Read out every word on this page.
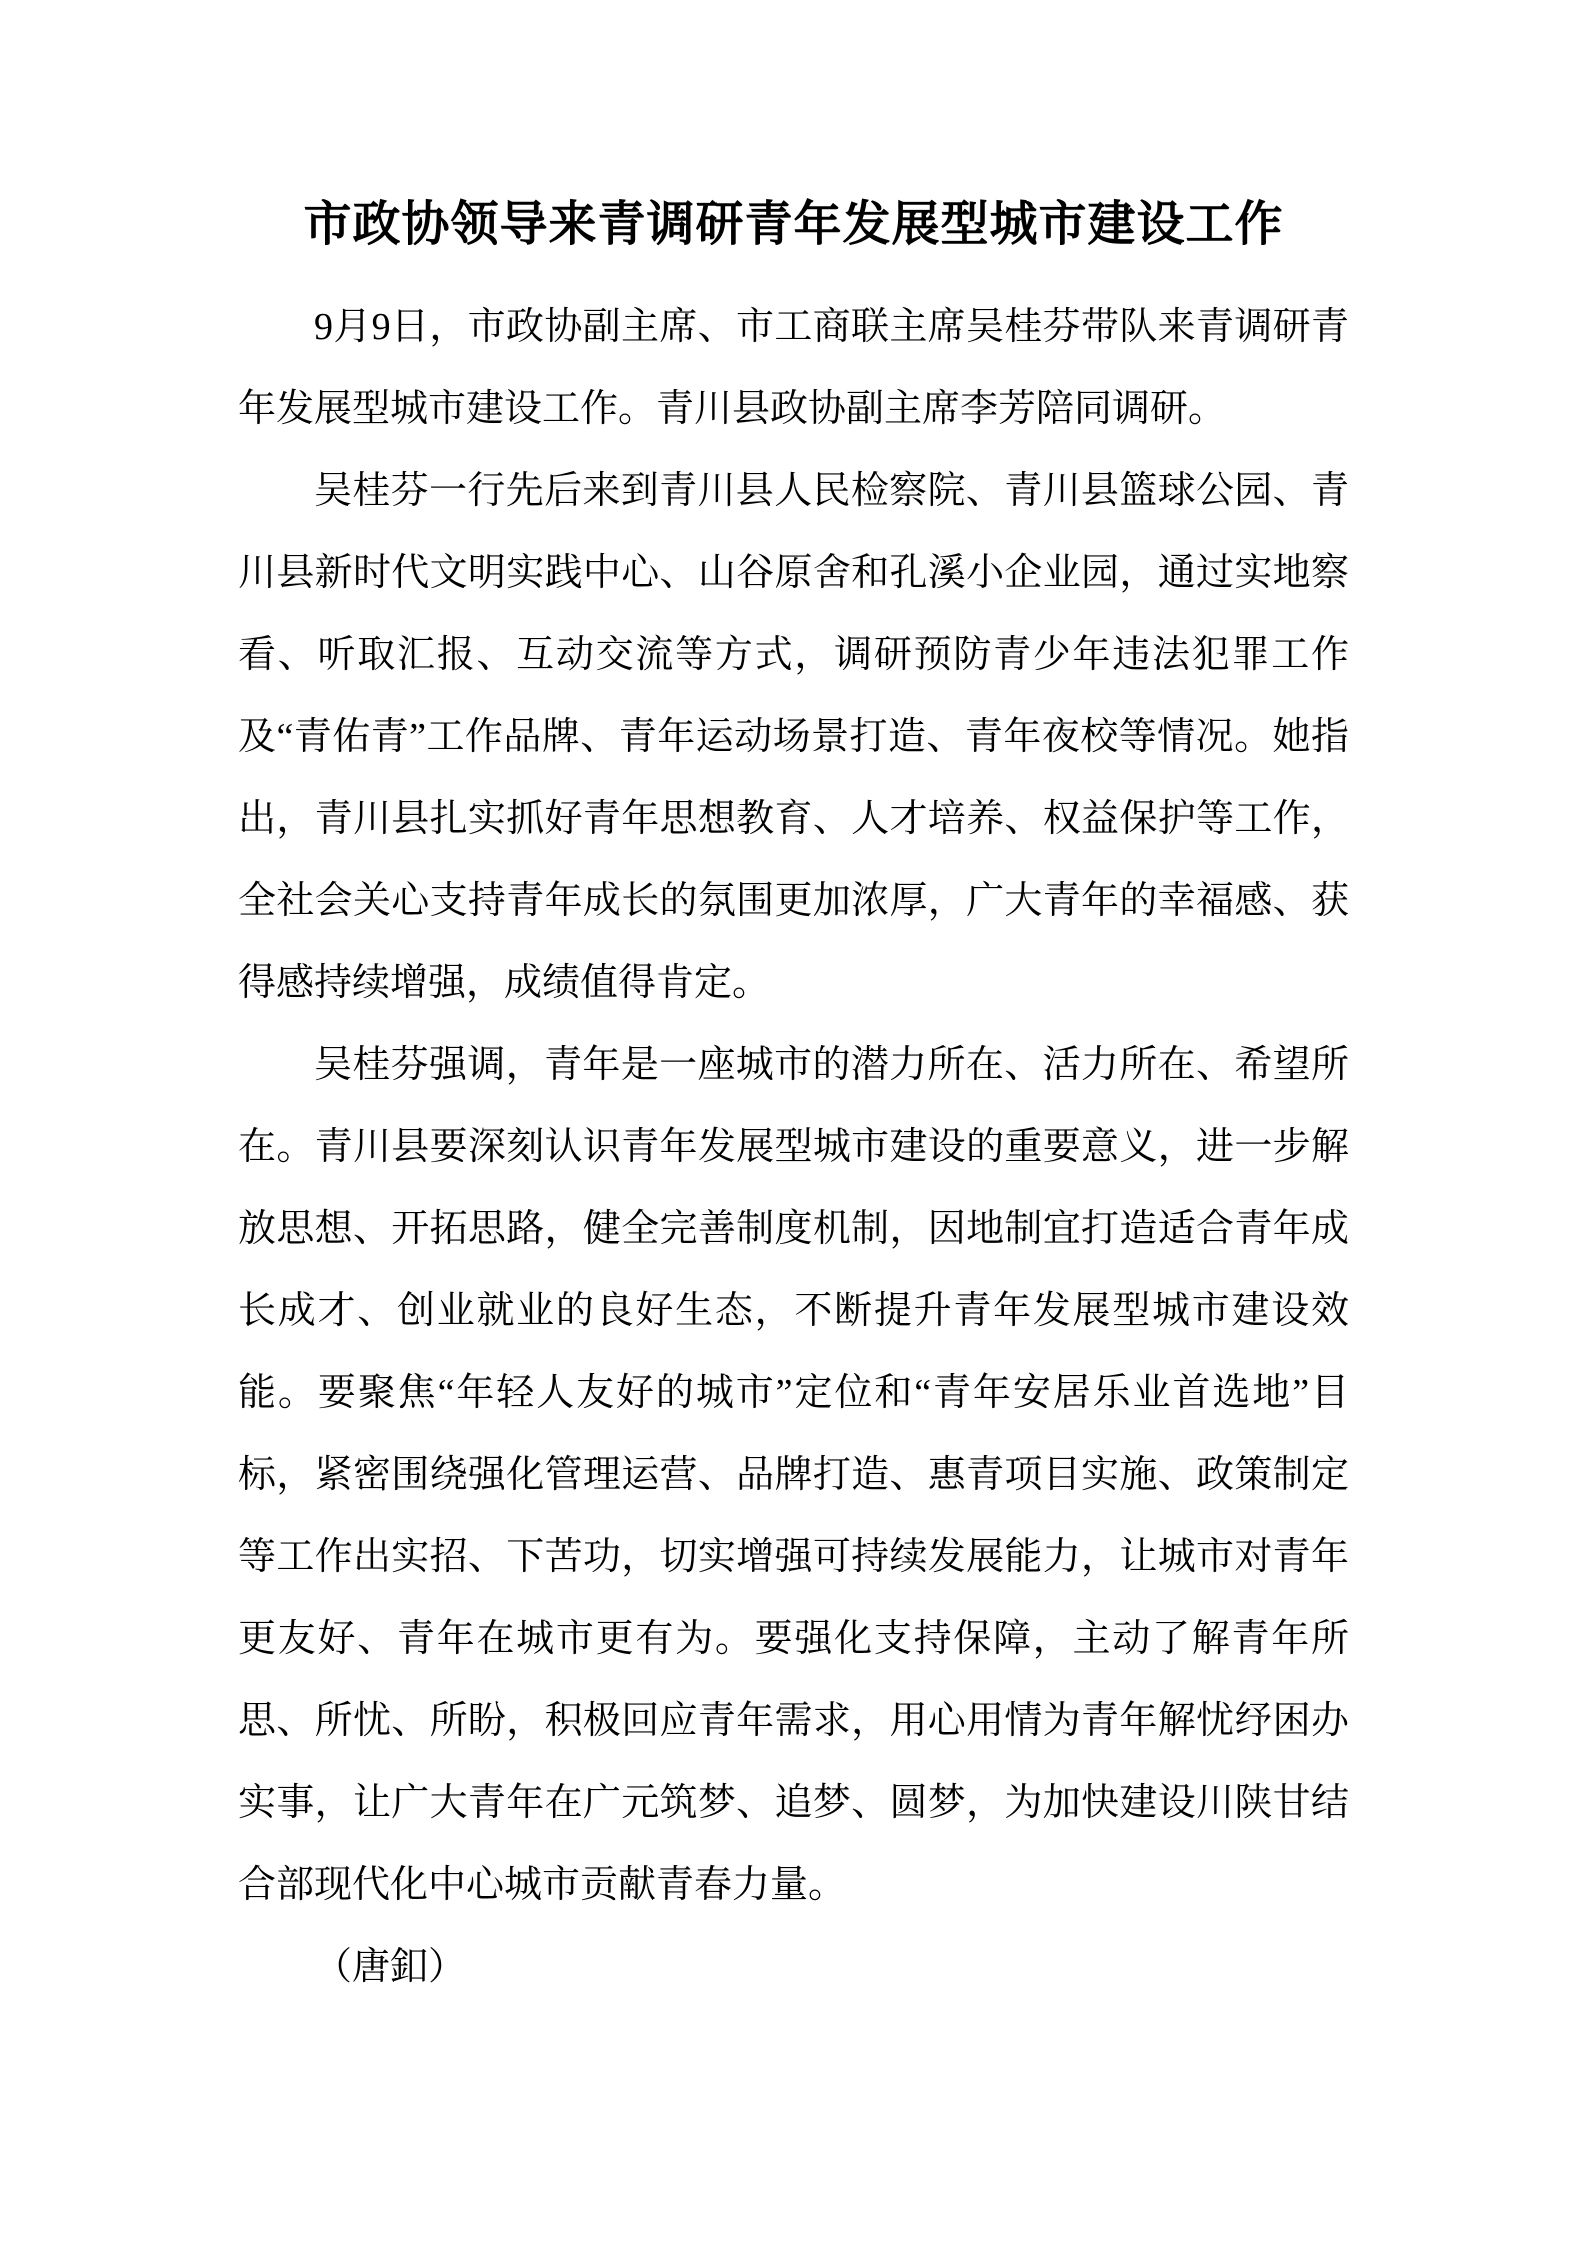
市政协领导来青调研青年发展型城市建设工作

9月9日，市政协副主席、市工商联主席吴桂芬带队来青调研青年发展型城市建设工作。青川县政协副主席李芳陪同调研。

吴桂芬一行先后来到青川县人民检察院、青川县篮球公园、青川县新时代文明实践中心、山谷原舍和孔溪小企业园，通过实地察看、听取汇报、互动交流等方式，调研预防青少年违法犯罪工作及“青佑青”工作品牌、青年运动场景打造、青年夜校等情况。她指出，青川县扎实抓好青年思想教育、人才培养、权益保护等工作，全社会关心支持青年成长的氛围更加浓厚，广大青年的幸福感、获得感持续增强，成绩值得肯定。

吴桂芬强调，青年是一座城市的潜力所在、活力所在、希望所在。青川县要深刻认识青年发展型城市建设的重要意义，进一步解放思想、开拓思路，健全完善制度机制，因地制宜打造适合青年成长成才、创业就业的良好生态，不断提升青年发展型城市建设效能。要聚焦“年轻人友好的城市”定位和“青年安居乐业首选地”目标，紧密围绕强化管理运营、品牌打造、惠青项目实施、政策制定等工作出实招、下苦功，切实增强可持续发展能力，让城市对青年更友好、青年在城市更有为。要强化支持保障，主动了解青年所思、所忧、所盼，积极回应青年需求，用心用情为青年解忧纾困办实事，让广大青年在广元筑梦、追梦、圆梦，为加快建设川陕甘结合部现代化中心城市贡献青春力量。

（唐釦）
